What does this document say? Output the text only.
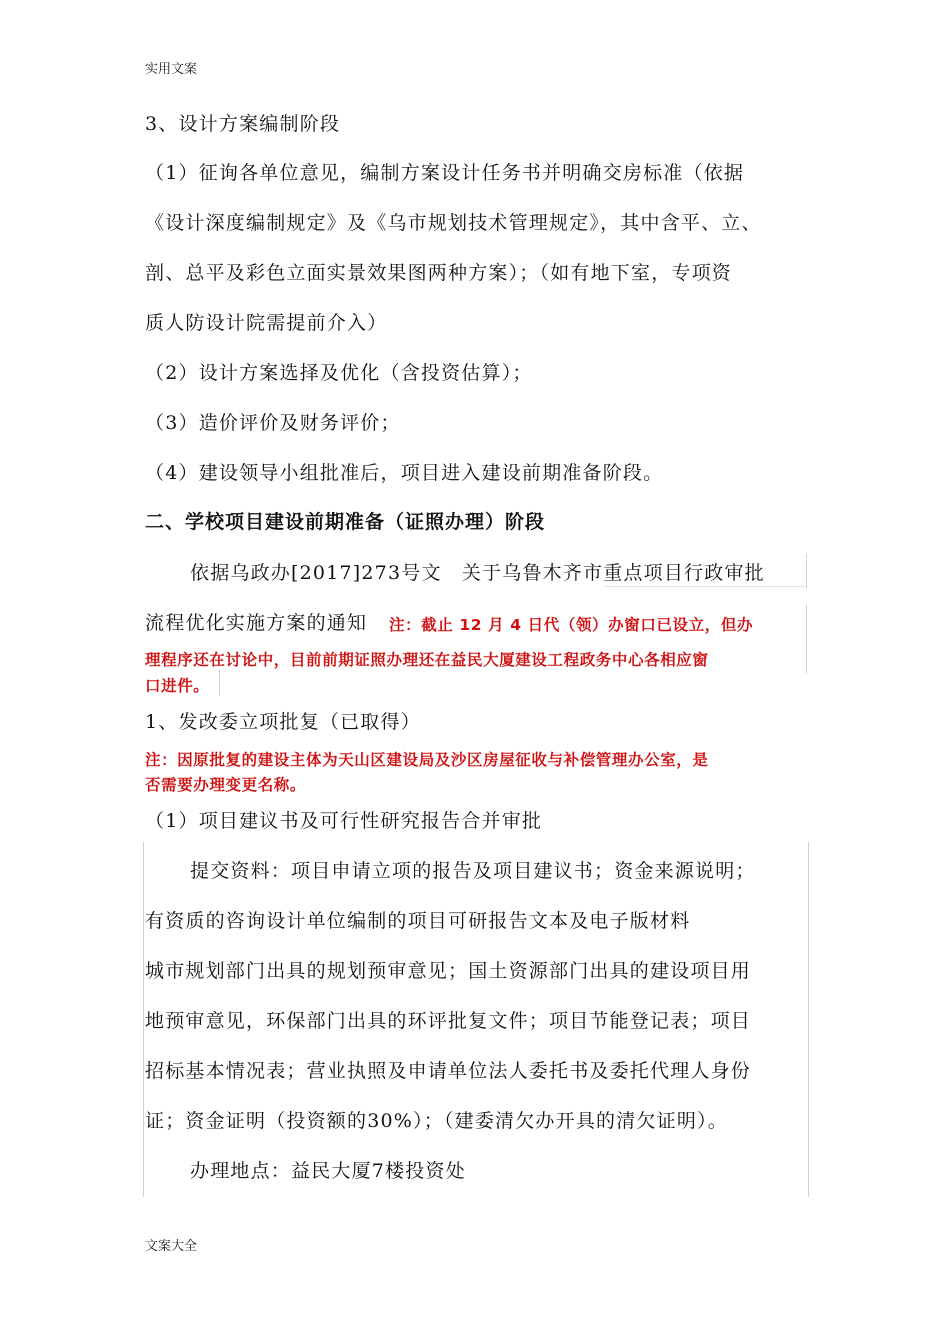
实用文案
3、设计方案编制阶段
（1）征询各单位意见，编制方案设计任务书并明确交房标准（依据
《设计深度编制规定》及《乌市规划技术管理规定》，其中含平、立、
剖、总平及彩色立面实景效果图两种方案）；（如有地下室，专项资
质人防设计院需提前介入）
（2）设计方案选择及优化（含投资估算）；
（3）造价评价及财务评价；
（4）建设领导小组批准后，项目进入建设前期准备阶段。
二、学校项目建设前期准备（证照办理）阶段
依据乌政办[2017]273号文　关于乌鲁木齐市重点项目行政审批
流程优化实施方案的通知 注：截止 12 月 4 日代（领）办窗口已设立，但办
理程序还在讨论中，目前前期证照办理还在益民大厦建设工程政务中心各相应窗
口进件。
1、发改委立项批复（已取得）
注：因原批复的建设主体为天山区建设局及沙区房屋征收与补偿管理办公室，是
否需要办理变更名称。
（1）项目建议书及可行性研究报告合并审批
提交资料：项目申请立项的报告及项目建议书；资金来源说明；
有资质的咨询设计单位编制的项目可研报告文本及电子版材料
城市规划部门出具的规划预审意见；国土资源部门出具的建设项目用
地预审意见，环保部门出具的环评批复文件；项目节能登记表；项目
招标基本情况表；营业执照及申请单位法人委托书及委托代理人身份
证；资金证明（投资额的30%）；（建委清欠办开具的清欠证明）。
办理地点：益民大厦7楼投资处
文案大全
